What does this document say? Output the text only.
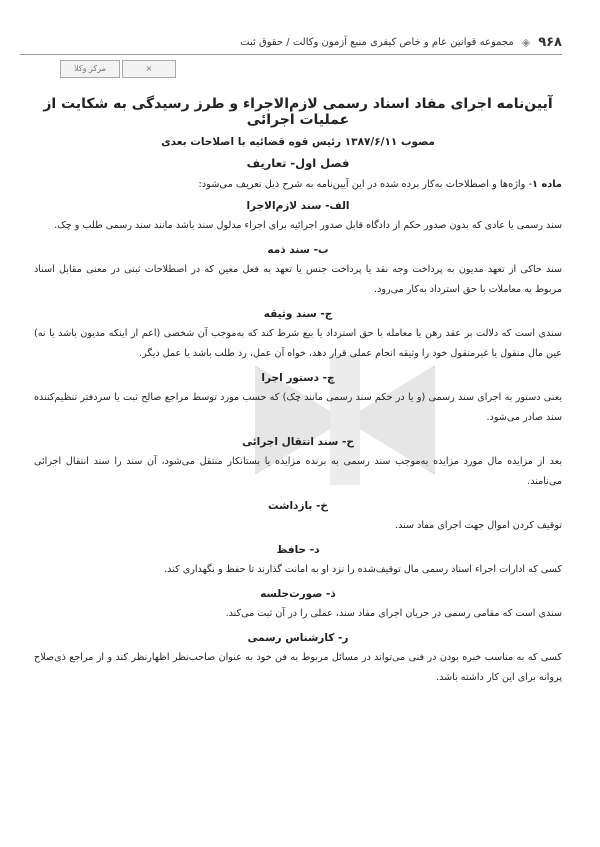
۹۶۸
◈
مجموعه قوانین عام و خاص کیفری منبع آزمون وکالت / حقوق ثبت
مرکز وکلا	×
آیین‌نامه اجرای مفاد اسناد رسمی لازم‌الاجراء و طرز رسیدگی به شکایت از عملیات اجرائی

مصوب ۱۳۸۷/۶/۱۱ رئیس قوه قضائیه با اصلاحات بعدی

فصل اول- تعاریف

ماده ۱- واژه‌ها و اصطلاحات به‌کار برده شده در این آیین‌نامه به شرح ذیل تعریف می‌شود:

الف- سند لازم‌الاجرا

سند رسمی یا عادی که بدون صدور حکم از دادگاه قابل صدور اجرائیه برای اجراء مدلول سند باشد مانند سند رسمی طلب و چک.

ب- سند ذمه

سند حاکی از تعهد مدیون به پرداخت وجه نقد یا پرداخت جنس یا تعهد به فعل معین که در اصطلاحات ثبتی در معنی مقابل اسناد مربوط به معاملات با حق استرداد به‌کار می‌رود.

ج- سند وثیقه

سندی است که دلالت بر عقد رهن یا معامله با حق استرداد یا بیع شرط کند که به‌موجب آن شخصی (اعم از اینکه مدیون باشد یا نه) عین مال منقول یا غیرمنقول خود را وثیقه انجام عملی قرار دهد، خواه آن عمل، رد طلب باشد یا عمل دیگر.

چ- دستور اجرا

یعنی دستور به اجرای سند رسمی (و یا در حکم سند رسمی مانند چک) که حسب مورد توسط مراجع صالح ثبت یا سردفتر تنظیم‌کننده سند صادر می‌شود.

ح- سند انتقال اجرائی

بعد از مزایده مال مورد مزایده به‌موجب سند رسمی به برنده مزایده یا بستانکار منتقل می‌شود، آن سند را سند انتقال اجرائی می‌نامند.

خ- بازداشت

توقیف کردن اموال جهت اجرای مفاد سند.

د- حافظ

کسی که ادارات اجراء اسناد رسمی مال توقیف‌شده را نزد او به امانت گذارند تا حفظ و نگهداری کند.

ذ- صورت‌جلسه

سندی است که مقامی رسمی در جریان اجرای مفاد سند، عملی را در آن ثبت می‌کند.

ر- کارشناس رسمی

کسی که به مناسب خبره بودن در فنی می‌تواند در مسائل مربوط به فن خود به عنوان صاحب‌نظر اظهارنظر کند و از مراجع ذی‌صلاح پروانه برای این کار داشته باشد.
